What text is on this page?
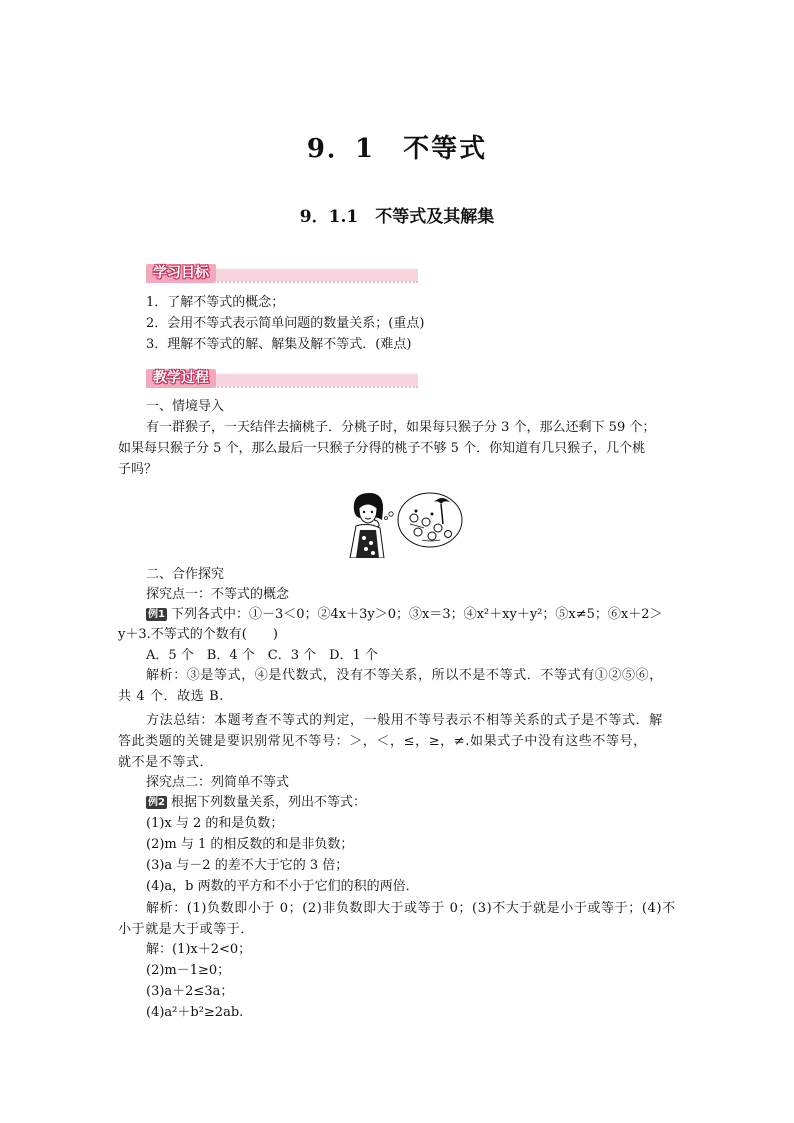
9．1　不等式
9．1.1　不等式及其解集
学习目标
1．了解不等式的概念；
2．会用不等式表示简单问题的数量关系；(重点)
3．理解不等式的解、解集及解不等式．(难点)
教学过程
一、情境导入
有一群猴子，一天结伴去摘桃子．分桃子时，如果每只猴子分 3 个，那么还剩下 59 个；
如果每只猴子分 5 个，那么最后一只猴子分得的桃子不够 5 个．你知道有几只猴子，几个桃
子吗？
二、合作探究
探究点一：不等式的概念
例1 下列各式中：①－3＜0；②4x＋3y＞0；③x＝3；④x²＋xy＋y²；⑤x≠5；⑥x＋2＞
y＋3.不等式的个数有(　　)
A．5 个　B．4 个　C．3 个　D．1 个
解析：③是等式，④是代数式，没有不等关系，所以不是不等式．不等式有①②⑤⑥，
共 4 个．故选 B.
方法总结：本题考查不等式的判定，一般用不等号表示不相等关系的式子是不等式．解
答此类题的关键是要识别常见不等号：＞，＜，≤，≥，≠.如果式子中没有这些不等号，
就不是不等式．
探究点二：列简单不等式
例2 根据下列数量关系，列出不等式：
(1)x 与 2 的和是负数；
(2)m 与 1 的相反数的和是非负数；
(3)a 与－2 的差不大于它的 3 倍；
(4)a，b 两数的平方和不小于它们的积的两倍．
解析：(1)负数即小于 0；(2)非负数即大于或等于 0；(3)不大于就是小于或等于；(4)不
小于就是大于或等于．
解：(1)x＋2<0；
(2)m－1≥0；
(3)a＋2≤3a；
(4)a²＋b²≥2ab.
